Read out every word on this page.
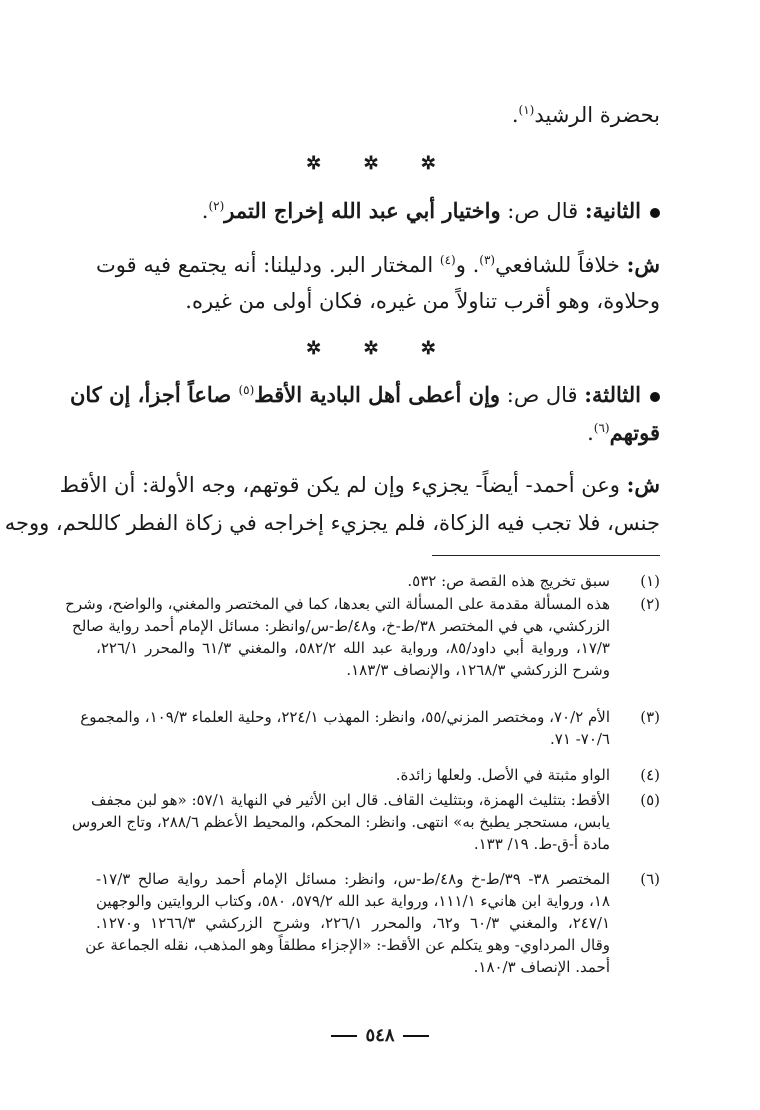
بحضرة الرشيد$^{(١)}$.
✲ ✲ ✲
الثانية: قال ص: واختيار أبي عبد الله إخراج التمر$^{(٢)}$.
ش: خلافاً للشافعي$^{(٣)}$. و$^{(٤)}$ المختار البر. ودليلنا: أنه يجتمع فيه قوت
وحلاوة، وهو أقرب تناولاً من غيره، فكان أولى من غيره.
✲ ✲ ✲
الثالثة: قال ص: وإن أعطى أهل البادية الأقط$^{(٥)}$ صاعاً أجزأ، إن كان
قوتهم$^{(٦)}$.
ش: وعن أحمد- أيضاً- يجزيء وإن لم يكن قوتهم، وجه الأولة: أن الأقط
جنس، فلا تجب فيه الزكاة، فلم يجزيء إخراجه في زكاة الفطر كاللحم، ووجه
(١)
سبق تخريج هذه القصة ص: ٥٣٢.
(٢)
هذه المسألة مقدمة على المسألة التي بعدها، كما في المختصر والمغني، والواضح، وشرح
الزركشي، هي في المختصر ٣٨/ط-خ، و٤٨/ط-س/وانظر: مسائل الإمام أحمد رواية صالح
١٧/٣، ورواية أبي داود/٨٥، ورواية عبد الله ٥٨٢/٢، والمغني ٦١/٣ والمحرر ٢٢٦/١،
وشرح الزركشي ١٢٦٨/٣، والإنصاف ١٨٣/٣.
(٣)
الأم ٧٠/٢، ومختصر المزني/٥٥، وانظر: المهذب ٢٢٤/١، وحلية العلماء ١٠٩/٣، والمجموع
٧٠/٦- ٧١.
(٤)
الواو مثبتة في الأصل. ولعلها زائدة.
(٥)
الأقط: بتثليث الهمزة، وبتثليث القاف. قال ابن الأثير في النهاية ٥٧/١: «هو لبن مجفف
يابس، مستحجر يطبخ به» انتهى. وانظر: المحكم، والمحيط الأعظم ٢٨٨/٦، وتاج العروس
مادة أ-ق-ط. ١٩/ ١٣٣.
(٦)
المختصر ٣٨- ٣٩/ط-خ و٤٨/ط-س، وانظر: مسائل الإمام أحمد رواية صالح ١٧/٣-
١٨، ورواية ابن هانيء ١١١/١، ورواية عبد الله ٥٧٩/٢، ٥٨٠، وكتاب الروايتين والوجهين
٢٤٧/١، والمغني ٦٠/٣ و٦٢، والمحرر ٢٢٦/١، وشرح الزركشي ١٢٦٦/٣ و١٢٧٠.
وقال المرداوي- وهو يتكلم عن الأقط-: «الإجزاء مطلقاً وهو المذهب، نقله الجماعة عن
أحمد. الإنصاف ١٨٠/٣.
٥٤٨
